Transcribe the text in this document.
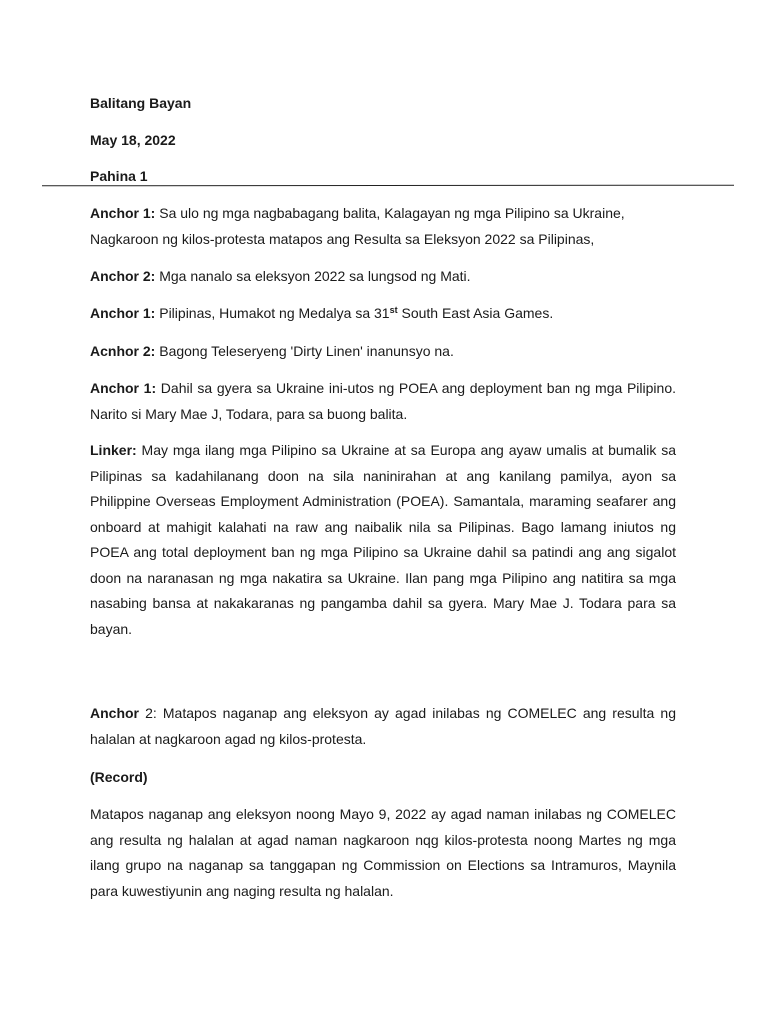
Balitang Bayan
May 18, 2022
Pahina 1

Anchor 1: Sa ulo ng mga nagbabagang balita, Kalagayan ng mga Pilipino sa Ukraine, Nagkaroon ng kilos-protesta matapos ang Resulta sa Eleksyon 2022 sa Pilipinas,

Anchor 2: Mga nanalo sa eleksyon 2022 sa lungsod ng Mati.

Anchor 1: Pilipinas, Humakot ng Medalya sa 31st South East Asia Games.

Acnhor 2: Bagong Teleseryeng 'Dirty Linen' inanunsyo na.

Anchor 1: Dahil sa gyera sa Ukraine ini-utos ng POEA ang deployment ban ng mga Pilipino. Narito si Mary Mae J, Todara, para sa buong balita.

Linker: May mga ilang mga Pilipino sa Ukraine at sa Europa ang ayaw umalis at bumalik sa Pilipinas sa kadahilanang doon na sila naninirahan at ang kanilang pamilya, ayon sa Philippine Overseas Employment Administration (POEA). Samantala, maraming seafarer ang onboard at mahigit kalahati na raw ang naibalik nila sa Pilipinas. Bago lamang iniutos ng POEA ang total deployment ban ng mga Pilipino sa Ukraine dahil sa patindi ang ang sigalot doon na naranasan ng mga nakatira sa Ukraine. Ilan pang mga Pilipino ang natitira sa mga nasabing bansa at nakakaranas ng pangamba dahil sa gyera. Mary Mae J. Todara para sa bayan.

Anchor 2: Matapos naganap ang eleksyon ay agad inilabas ng COMELEC ang resulta ng halalan at nagkaroon agad ng kilos-protesta.

(Record)

Matapos naganap ang eleksyon noong Mayo 9, 2022 ay agad naman inilabas ng COMELEC ang resulta ng halalan at agad naman nagkaroon nqg kilos-protesta noong Martes ng mga ilang grupo na naganap sa tanggapan ng Commission on Elections sa Intramuros, Maynila para kuwestiyunin ang naging resulta ng halalan.
